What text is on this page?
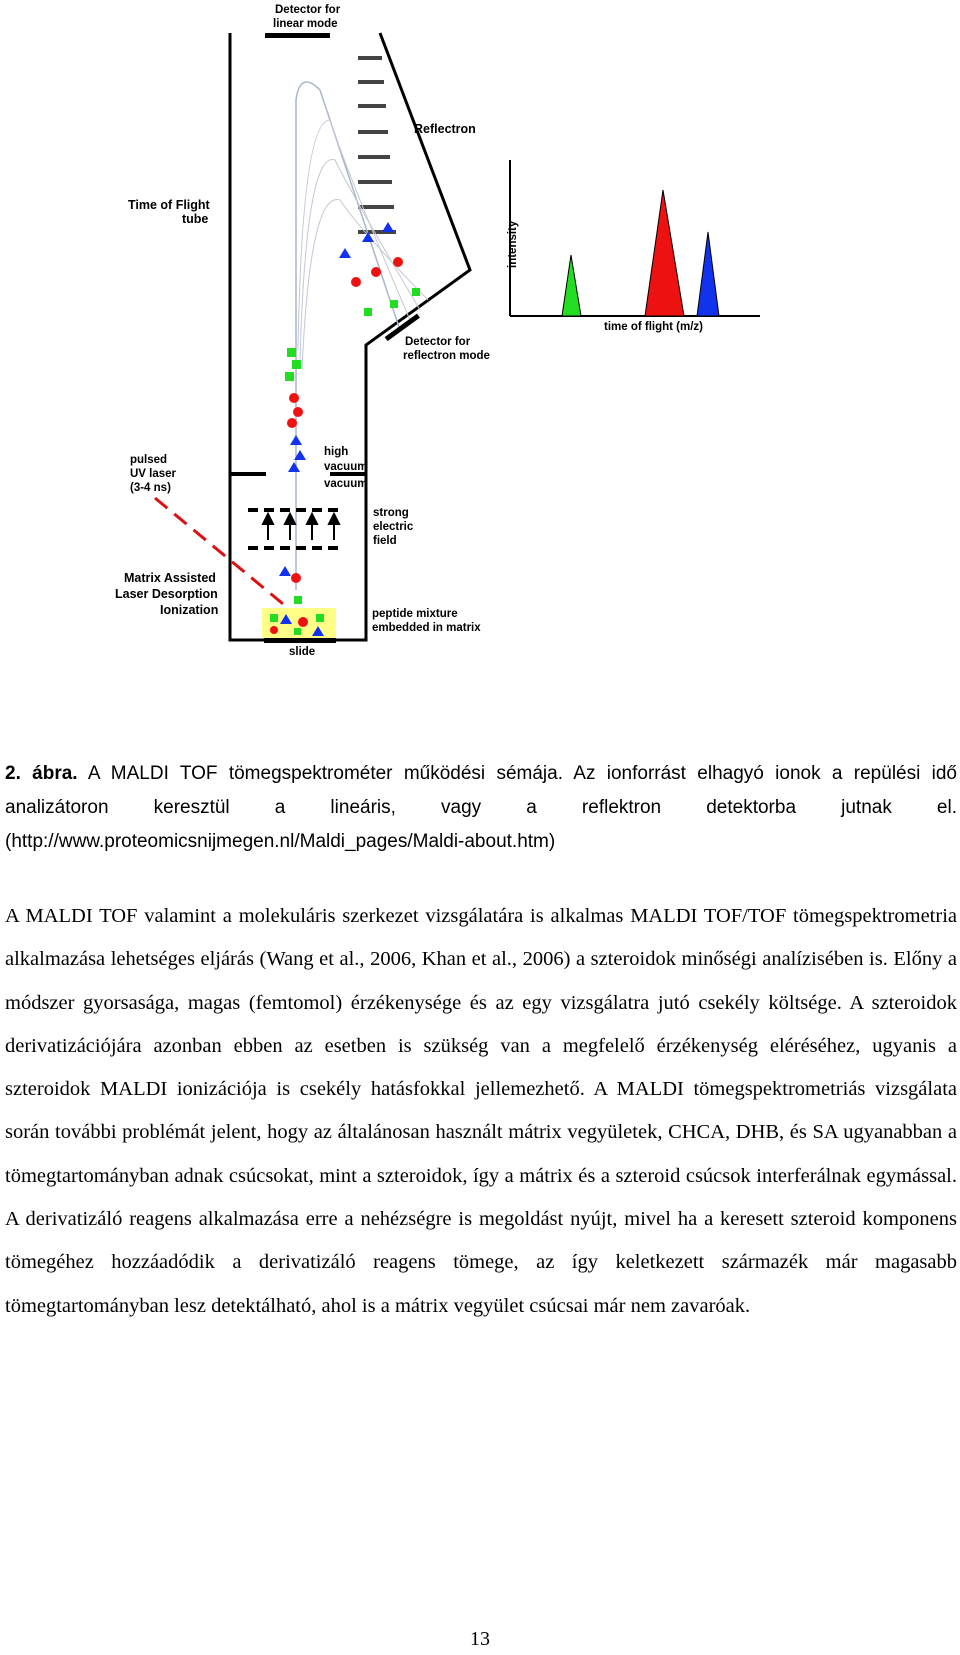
Detector for
linear mode
Reflectron
Time of Flight
tube
Detector for
reflectron mode
intensity
time of flight (m/z)
pulsed
UV laser
(3-4 ns)
high
vacuum
vacuum
strong
electric
field
Matrix Assisted
Laser Desorption
Ionization	peptide mixture
embedded in matrix
slide
2. ábra. A MALDI TOF tömegspektrométer működési sémája. Az ionforrást elhagyó ionok a repülési idő analizátoron keresztül a lineáris, vagy a reflektron detektorba jutnak el. (http://www.proteomicsnijmegen.nl/Maldi_pages/Maldi-about.htm)

A MALDI TOF valamint a molekuláris szerkezet vizsgálatára is alkalmas MALDI TOF/TOF tömegspektrometria alkalmazása lehetséges eljárás (Wang et al., 2006, Khan et al., 2006) a szteroidok minőségi analízisében is. Előny a módszer gyorsasága, magas (femtomol) érzékenysége és az egy vizsgálatra jutó csekély költsége. A szteroidok derivatizációjára azonban ebben az esetben is szükség van a megfelelő érzékenység eléréséhez, ugyanis a szteroidok MALDI ionizációja is csekély hatásfokkal jellemezhető. A MALDI tömegspektrometriás vizsgálata során további problémát jelent, hogy az általánosan használt mátrix vegyületek, CHCA, DHB, és SA ugyanabban a tömegtartományban adnak csúcsokat, mint a szteroidok, így a mátrix és a szteroid csúcsok interferálnak egymással. A derivatizáló reagens alkalmazása erre a nehézségre is megoldást nyújt, mivel ha a keresett szteroid komponens tömegéhez hozzáadódik a derivatizáló reagens tömege, az így keletkezett származék már magasabb tömegtartományban lesz detektálható, ahol is a mátrix vegyület csúcsai már nem zavaróak.

13
